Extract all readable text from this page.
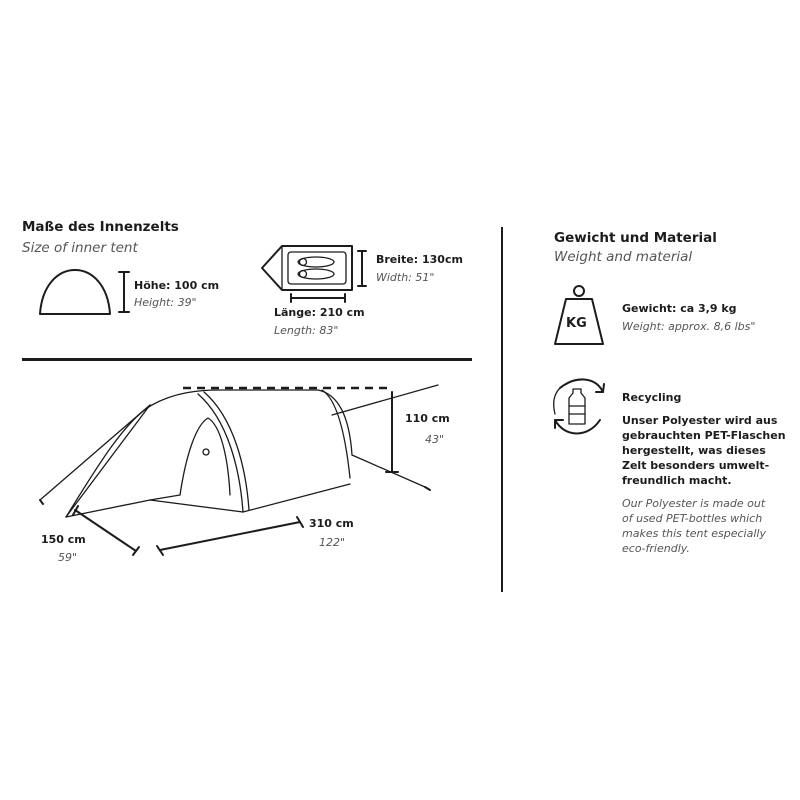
Maße des Innenzelts
Size of inner tent
Höhe: 100 cm
Height: 39"
Breite: 130cm
Width: 51"
Länge: 210 cm
Length: 83"
110 cm
43"
310 cm
122"
150 cm
59"
Gewicht und Material
Weight and material
KG
Gewicht: ca 3,9 kg
Weight: approx. 8,6 lbs"
Recycling
Unser Polyester wird aus
gebrauchten PET-Flaschen
hergestellt, was dieses
Zelt besonders umwelt-
freundlich macht.
Our Polyester is made out
of used PET-bottles which
makes this tent especially
eco-friendly.
